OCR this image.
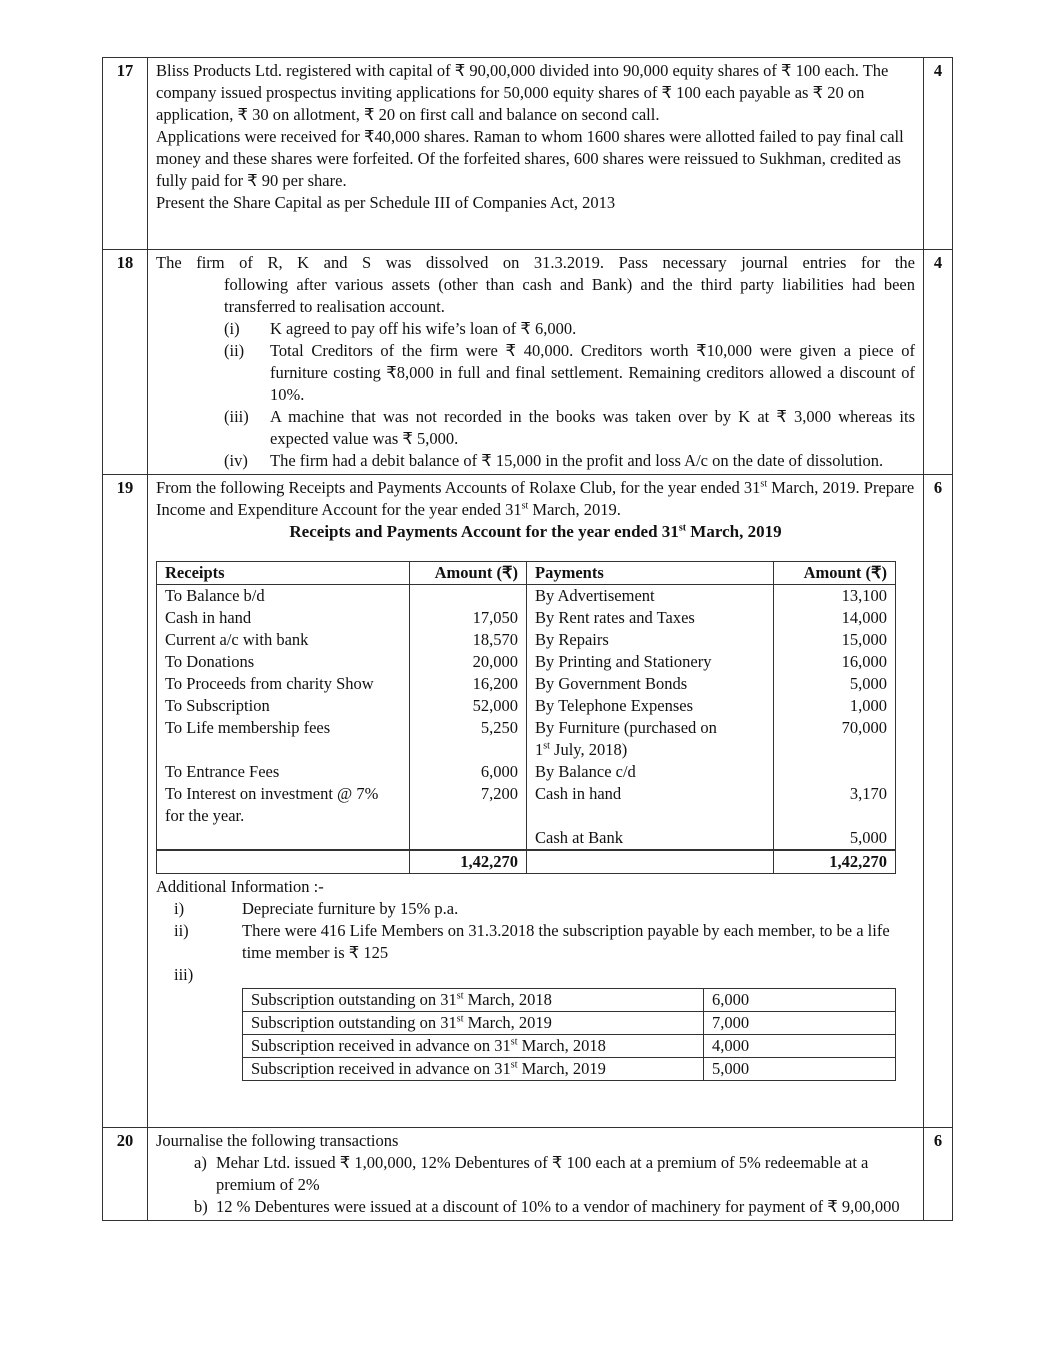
17	Bliss Products Ltd. registered with capital of ₹ 90,00,000 divided into 90,000 equity shares of ₹ 100 each. The company issued prospectus inviting applications for 50,000 equity shares of ₹ 100 each payable as ₹ 20 on application, ₹ 30 on allotment, ₹ 20 on first call and balance on second call.
Applications were received for ₹40,000 shares. Raman to whom 1600 shares were allotted failed to pay final call money and these shares were forfeited. Of the forfeited shares, 600 shares were reissued to Sukhman, credited as fully paid for ₹ 90 per share.
Present the Share Capital as per Schedule III of Companies Act, 2013
	4
18	The firm of R, K and S was dissolved on 31.3.2019. Pass necessary journal entries for the
following after various assets (other than cash and Bank) and the third party liabilities had been transferred to realisation account.
(i)	K agreed to pay off his wife’s loan of ₹ 6,000.
(ii)	Total Creditors of the firm were ₹ 40,000. Creditors worth ₹10,000 were given a piece of furniture costing ₹8,000 in full and final settlement. Remaining creditors allowed a discount of 10%.
(iii)	A machine that was not recorded in the books was taken over by K at ₹ 3,000 whereas its expected value was ₹ 5,000.
(iv)	The firm had a debit balance of ₹ 15,000 in the profit and loss A/c on the date of dissolution.
	4
19	From the following Receipts and Payments Accounts of Rolaxe Club, for the year ended 31st March, 2019. Prepare Income and Expenditure Account for the year ended 31st March, 2019.
Receipts and Payments Account for the year ended 31st March, 2019
Receipts	Amount (₹)	Payments	Amount (₹)
To Balance b/d		By Advertisement	13,100
Cash in hand	17,050	By Rent rates and Taxes	14,000
Current a/c with bank	18,570	By Repairs	15,000
To Donations	20,000	By Printing and Stationery	16,000
To Proceeds from charity Show	16,200	By Government Bonds	5,000
To Subscription	52,000	By Telephone Expenses	1,000
To Life membership fees	5,250	By Furniture (purchased on
1st July, 2018)	70,000
To Entrance Fees	6,000	By Balance c/d	
To Interest on investment @ 7% for the year.	7,200	Cash in hand	3,170
		Cash at Bank	5,000
	1,42,270		1,42,270
Additional Information :-
i)	Depreciate furniture by 15% p.a.
ii)	There were 416 Life Members on 31.3.2018 the subscription payable by each member, to be a life time member is ₹ 125
iii)
Subscription outstanding on 31st March, 2018	6,000
Subscription outstanding on 31st March, 2019	7,000
Subscription received in advance on 31st March, 2018	4,000
Subscription received in advance on 31st March, 2019	5,000
	6
20	Journalise the following transactions
a) Mehar Ltd. issued ₹ 1,00,000, 12% Debentures of ₹ 100 each at a premium of 5% redeemable at a premium of 2%
b) 12 % Debentures were issued at a discount of 10% to a vendor of machinery for payment of ₹ 9,00,000
	6
